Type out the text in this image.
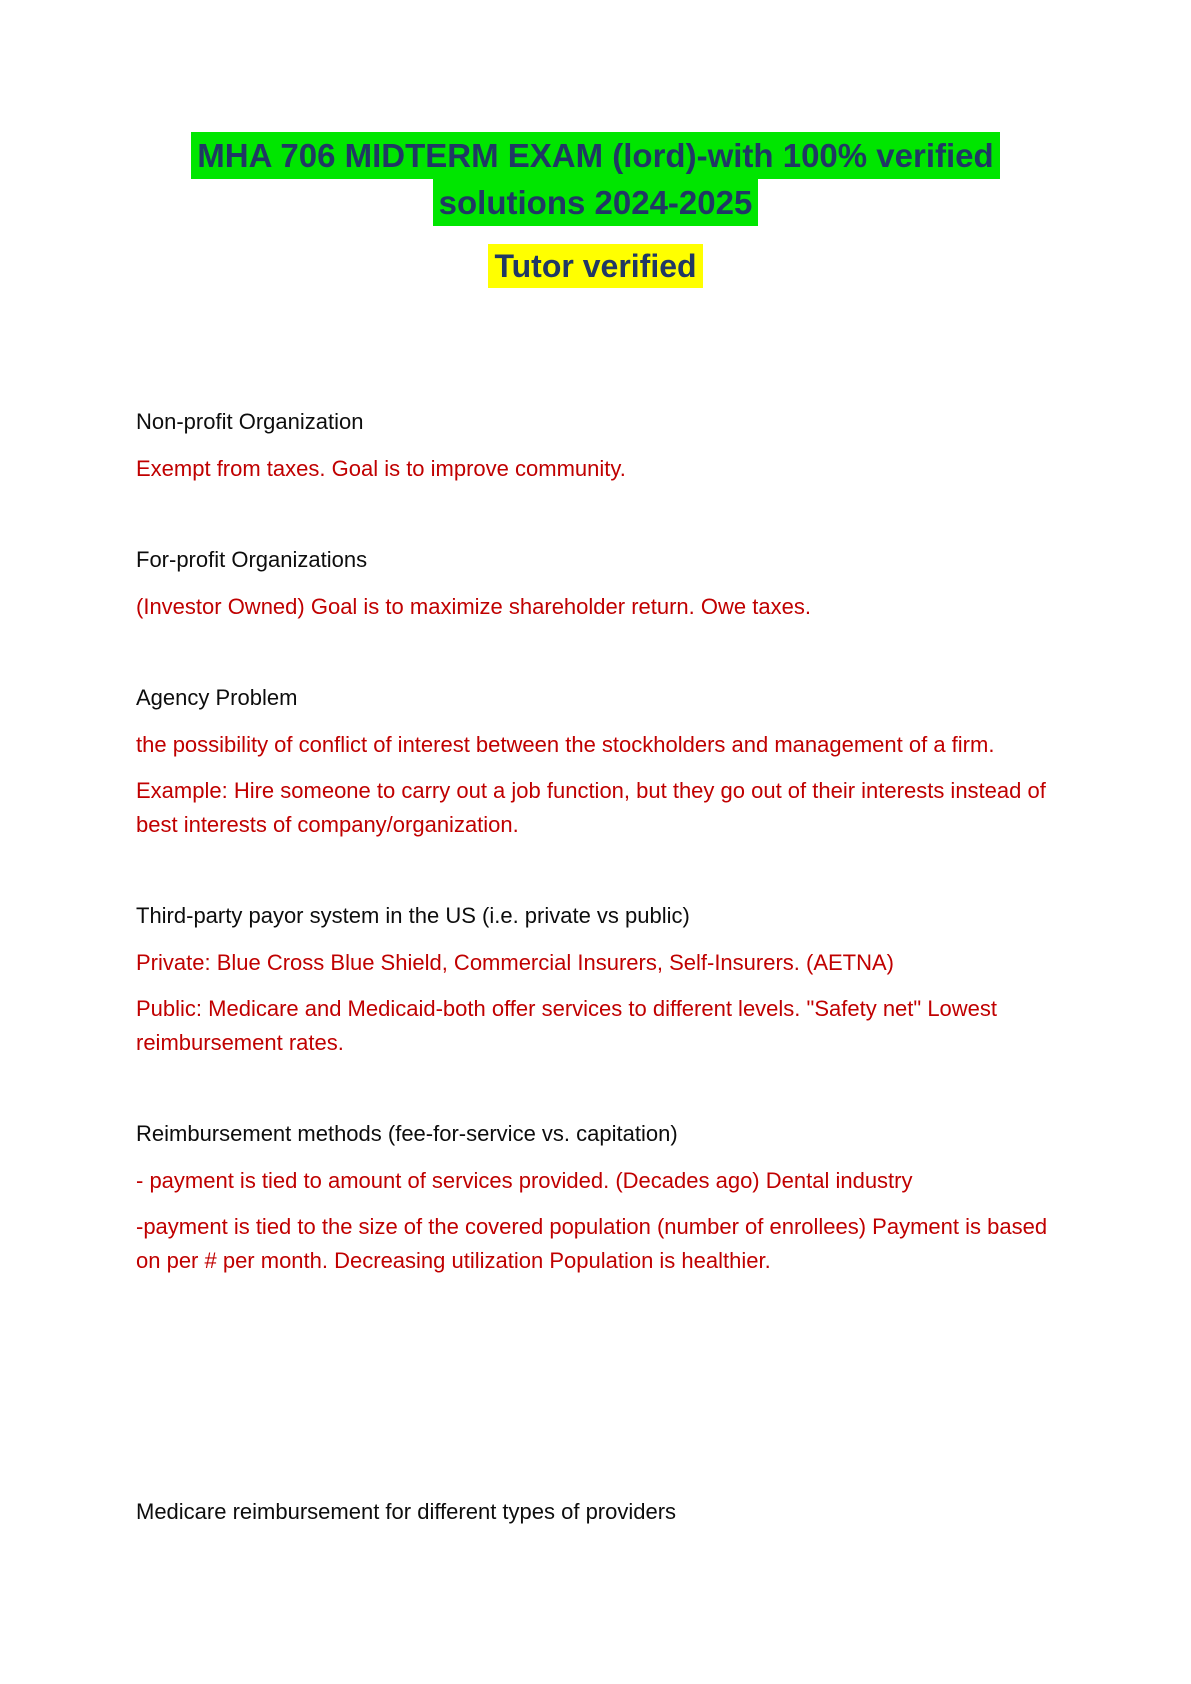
MHA 706 MIDTERM EXAM (lord)-with 100% verified
solutions 2024-2025
Tutor verified

Non-profit Organization

Exempt from taxes. Goal is to improve community.

For-profit Organizations

(Investor Owned) Goal is to maximize shareholder return. Owe taxes.

Agency Problem

the possibility of conflict of interest between the stockholders and management of a firm.

Example: Hire someone to carry out a job function, but they go out of their interests instead of best interests of company/organization.

Third-party payor system in the US (i.e. private vs public)

Private: Blue Cross Blue Shield, Commercial Insurers, Self-Insurers. (AETNA)

Public: Medicare and Medicaid-both offer services to different levels. "Safety net" Lowest reimbursement rates.

Reimbursement methods (fee-for-service vs. capitation)

- payment is tied to amount of services provided. (Decades ago) Dental industry

-payment is tied to the size of the covered population (number of enrollees) Payment is based on per # per month. Decreasing utilization Population is healthier.

Medicare reimbursement for different types of providers
